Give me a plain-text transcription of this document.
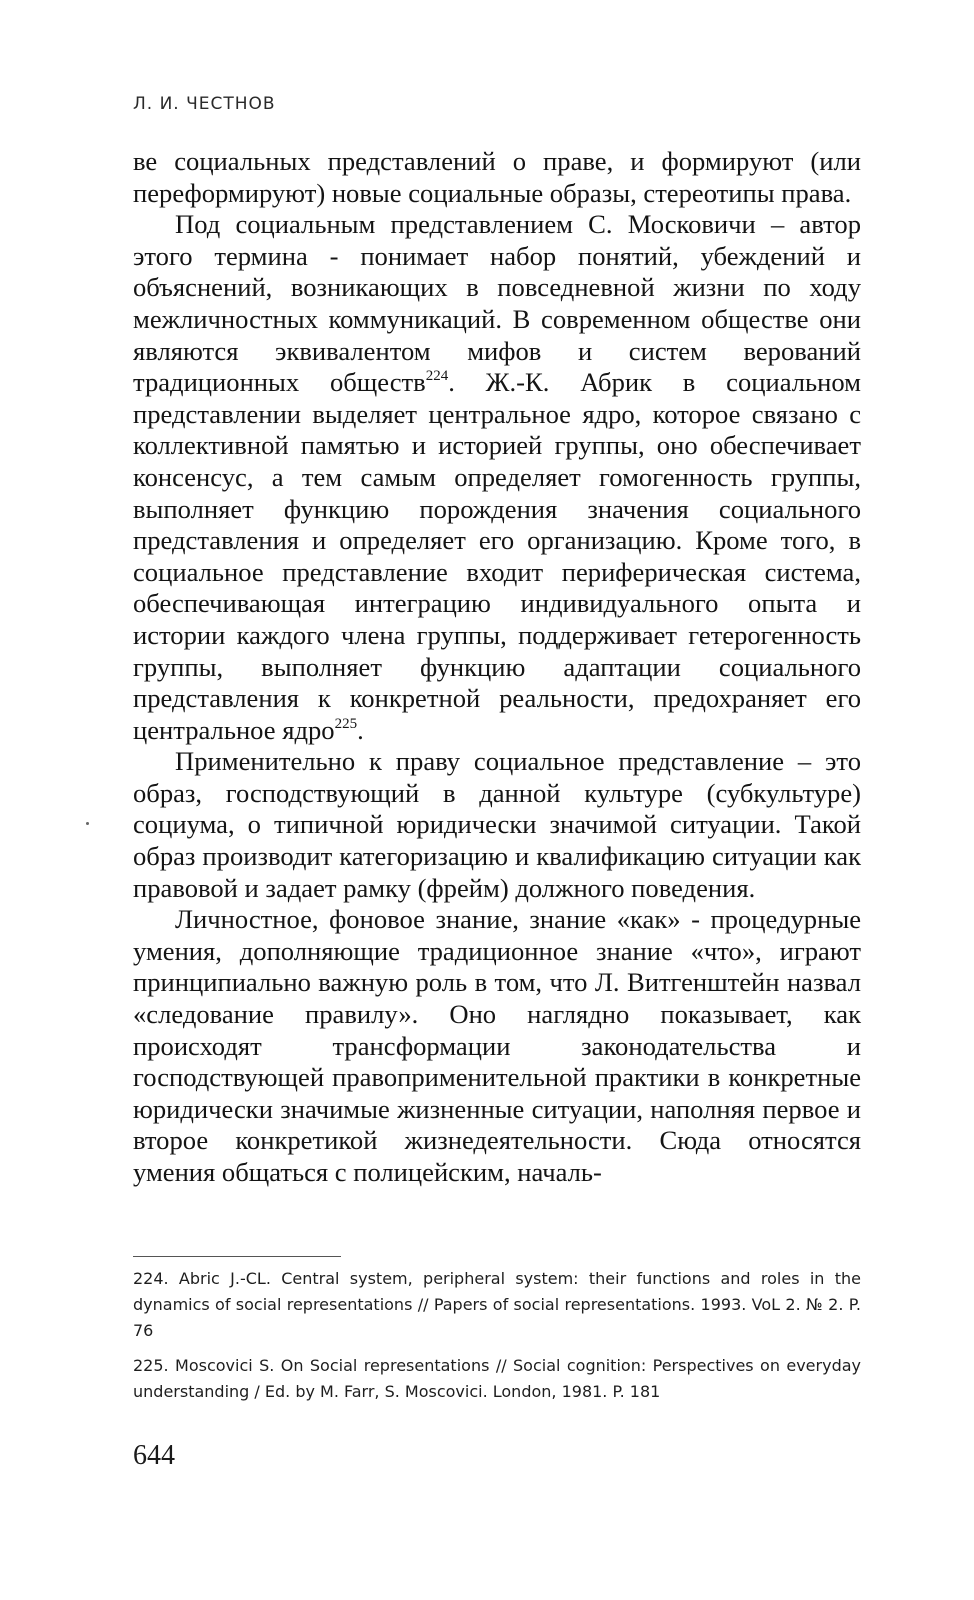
Л. И. ЧЕСТНОВ

ве социальных представлений о праве, и формируют (или переформируют) новые социальные образы, стереотипы права.

Под социальным представлением С. Московичи – автор этого термина - понимает набор понятий, убеждений и объяснений, возникающих в повседневной жизни по ходу межличностных коммуникаций. В современном обществе они являются эквивалентом мифов и систем верований традиционных обществ$^{224}$. Ж.-К. Абрик в социальном представлении выделяет центральное ядро, которое связано с коллективной памятью и историей группы, оно обеспечивает консенсус, а тем самым определяет гомогенность группы, выполняет функцию порождения значения социального представления и определяет его организацию. Кроме того, в социальное представление входит периферическая система, обеспечивающая интеграцию индивидуального опыта и истории каждого члена группы, поддерживает гетерогенность группы, выполняет функцию адаптации социального представления к конкретной реальности, предохраняет его центральное ядро$^{225}$.

Применительно к праву социальное представление – это образ, господствующий в данной культуре (субкультуре) социума, о типичной юридически значимой ситуации. Такой образ производит категоризацию и квалификацию ситуации как правовой и задает рамку (фрейм) должного поведения.

Личностное, фоновое знание, знание «как» - процедурные умения, дополняющие традиционное знание «что», играют принципиально важную роль в том, что Л. Витгенштейн назвал «следование правилу». Оно наглядно показывает, как происходят трансформации законодательства и господствующей правоприменительной практики в конкретные юридически значимые жизненные ситуации, наполняя первое и второе конкретикой жизнедеятельности. Сюда относятся умения общаться с полицейским, началь-

224. Abric J.-CL. Central system, peripheral system: their functions and roles in the dynamics of social representations // Papers of social representations. 1993. VoL 2. № 2. P. 76

225. Moscovici S. On Social representations // Social cognition: Perspectives on everyday understanding / Ed. by M. Farr, S. Moscovici. London, 1981. P. 181

644
